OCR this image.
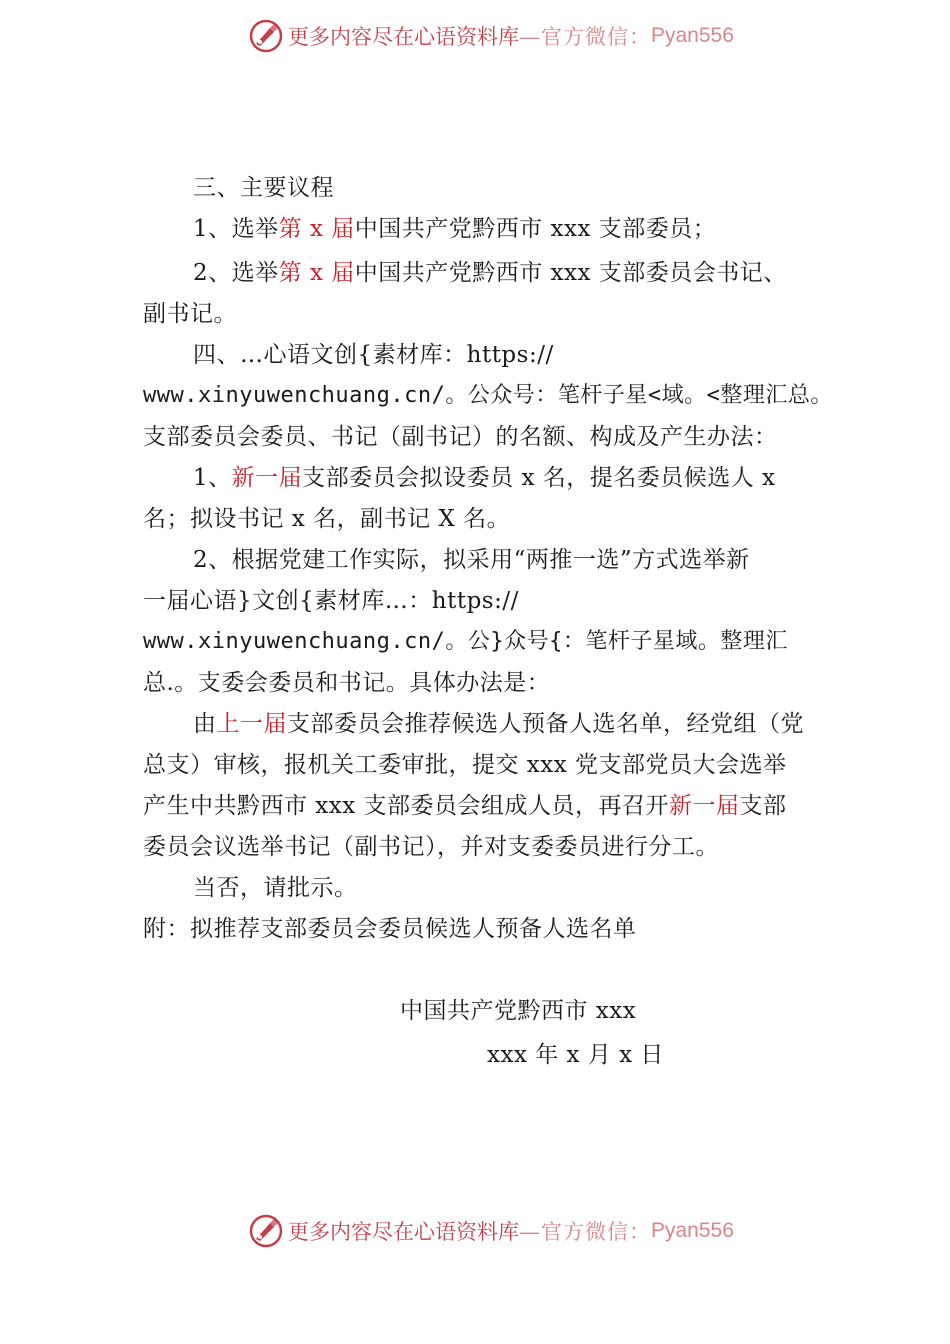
更多内容尽在心语资料库 —官方微信： Pyan556
三、主要议程
1、选举第 x 届中国共产党黔西市 xxx 支部委员；
2、选举第 x 届中国共产党黔西市 xxx 支部委员会书记、
副书记。
四、…心语文创{素材库：https://
www.xinyuwenchuang.cn/。公众号：笔杆子星<域。<整理汇总。
支部委员会委员、书记（副书记）的名额、构成及产生办法：
1、新一届支部委员会拟设委员 x 名，提名委员候选人 x
名；拟设书记 x 名，副书记 X 名。
2、根据党建工作实际，拟采用“两推一选”方式选举新
一届心语}文创{素材库…：https://
www.xinyuwenchuang.cn/。公}众号{：笔杆子星域。整理汇
总.。支委会委员和书记。具体办法是：
由上一届支部委员会推荐候选人预备人选名单，经党组（党
总支）审核，报机关工委审批，提交 xxx 党支部党员大会选举
产生中共黔西市 xxx 支部委员会组成人员，再召开新一届支部
委员会议选举书记（副书记），并对支委委员进行分工。
当否，请批示。
附：拟推荐支部委员会委员候选人预备人选名单
中国共产党黔西市 xxx
xxx 年 x 月 x 日
更多内容尽在心语资料库 —官方微信： Pyan556
